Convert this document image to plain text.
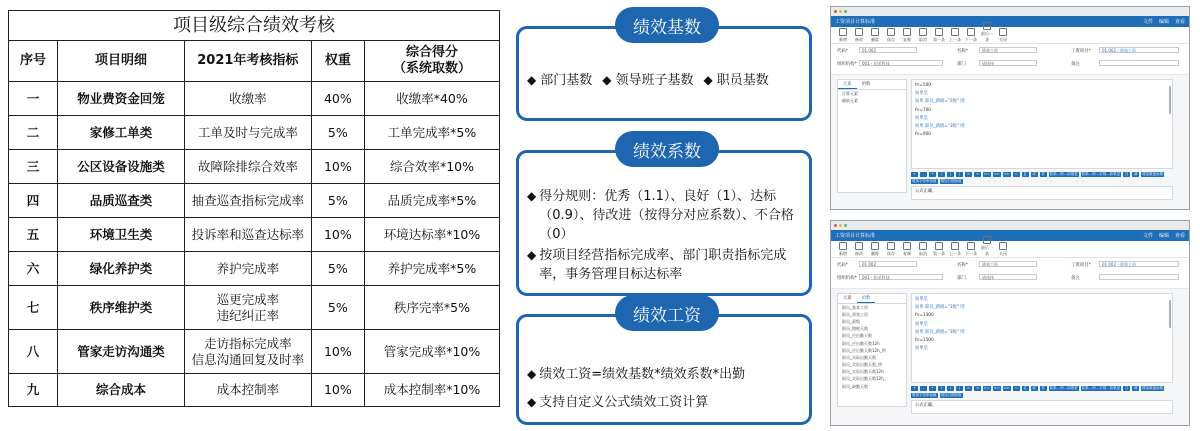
项目级综合绩效考核				
序号	项目明细	2021年考核指标	权重	综合得分
（系统取数）
一	物业费资金回笼	收缴率	40%	收缴率*40%
二	家修工单类	工单及时与完成率	5%	工单完成率*5%
三	公区设备设施类	故障除排综合效率	10%	综合效率*10%
四	品质巡查类	抽查巡查指标完成率	5%	品质完成率*5%
五	环境卫生类	投诉率和巡查达标率	10%	环境达标率*10%
六	绿化养护类	养护完成率	5%	养护完成率*5%
七	秩序维护类	巡更完成率
违纪纠正率	5%	秩序完率*5%
八	管家走访沟通类	走访指标完成率
信息沟通回复及时率	10%	管家完成率*10%
九	综合成本	成本控制率	10%	成本控制率*10%
绩效基数
◆ 部门基数 ◆ 领导班子基数 ◆ 职员基数
绩效系数
◆ 得分规则：优秀（1.1）、良好（1）、达标（0.9）、待改进（按得分对应系数）、不合格（0）
◆ 按项目经营指标完成率、部门职责指标完成率，事务管理目标达标率
绩效工资
◆ 绩效工资=绩效基数*绩效系数*出勤
◆ 支持自定义公式绩效工资计算
工资项目计算标准	文件 编辑 查看
新增	修改	删除	保存	复制	取消	第一条 上一条 下一条
最后一条	关闭
代码*	01.002	名称*	绩效工资	工资项目*	01.002 - 绩效工资
组织机构*	001 - 招采科技	部门	请选择	备注
元素	函数
计算元素
辅助元素
fn=500
如果是
如果 职员_薪级="2级" 则
fn=700
如果是
如果 职员_薪级="3级" 则
fn=900
+	-	*	/	(	)	>	<	>= <= <>	=	且	或	非	如果…则…如果是 如果…则…否则…如果是	日	减	增加数值参数
增加字符串参数 增加日期参数
公式正确。
工资项目计算标准	文件 编辑 查看
新增	修改	删除	保存	复制	取消	第一条 上一条 下一条
最后一条	关闭
代码*	01.002	名称*	绩效工资	工资项目*	01.002 - 绩效工资
组织机构*	001 - 招采科技	部门	请选择	备注
元素	函数
职员_基本工资
职员_绩效工资
职员_薪级
职员_缴税天数
职员_应出勤天数
职员_应出勤天数12h
职员_应出勤天数12h_例
职员_实际出勤天数
职员_实际出勤天数_例
职员_实际出勤天数12h
职员_实际出勤天数12h_
职员_缺勤天数
如果是
如果 职员_薪级="1级" 则
fn=1300
如果是
如果 职员_薪级="3级" 则
fn=1500
如果是
+	-	*	/	(	)	>	<	>= <= <>	=	且	或	非	如果…则…如果是 如果…则…否则…如果是	日	减	增加数值参数
增加字符串参数 增加日期参数
公式正确。
